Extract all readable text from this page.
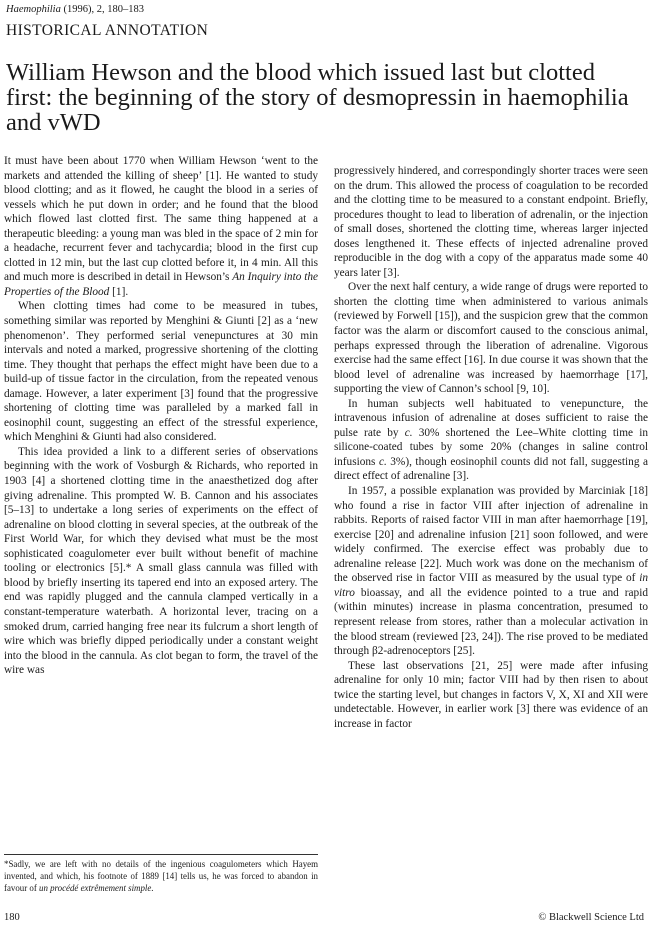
Haemophilia (1996), 2, 180–183
HISTORICAL ANNOTATION
William Hewson and the blood which issued last but clotted first: the beginning of the story of desmopressin in haemophilia and vWD

It must have been about 1770 when William Hewson ‘went to the markets and attended the killing of sheep’ [1]. He wanted to study blood clotting; and as it flowed, he caught the blood in a series of vessels which he put down in order; and he found that the blood which flowed last clotted first. The same thing happened at a therapeutic bleeding: a young man was bled in the space of 2 min for a headache, recurrent fever and tachycardia; blood in the first cup clotted in 12 min, but the last cup clotted before it, in 4 min. All this and much more is described in detail in Hewson’s An Inquiry into the Properties of the Blood [1].

When clotting times had come to be measured in tubes, something similar was reported by Menghini & Giunti [2] as a ‘new phenomenon’. They performed serial venepunctures at 30 min intervals and noted a marked, progressive shortening of the clotting time. They thought that perhaps the effect might have been due to a build-up of tissue factor in the circulation, from the repeated venous damage. However, a later experiment [3] found that the progressive shortening of clotting time was paralleled by a marked fall in eosinophil count, suggesting an effect of the stressful experience, which Menghini & Giunti had also considered.

This idea provided a link to a different series of observations beginning with the work of Vosburgh & Richards, who reported in 1903 [4] a shortened clotting time in the anaesthetized dog after giving adrenaline. This prompted W. B. Cannon and his associates [5–13] to undertake a long series of experiments on the effect of adrenaline on blood clotting in several species, at the outbreak of the First World War, for which they devised what must be the most sophisticated coagulometer ever built without benefit of machine tooling or electronics [5].* A small glass cannula was filled with blood by briefly inserting its tapered end into an exposed artery. The end was rapidly plugged and the cannula clamped vertically in a constant-temperature waterbath. A horizontal lever, tracing on a smoked drum, carried hanging free near its fulcrum a short length of wire which was briefly dipped periodically under a constant weight into the blood in the cannula. As clot began to form, the travel of the wire was

progressively hindered, and correspondingly shorter traces were seen on the drum. This allowed the process of coagulation to be recorded and the clotting time to be measured to a constant endpoint. Briefly, procedures thought to lead to liberation of adrenalin, or the injection of small doses, shortened the clotting time, whereas larger injected doses lengthened it. These effects of injected adrenaline proved reproducible in the dog with a copy of the apparatus made some 40 years later [3].

Over the next half century, a wide range of drugs were reported to shorten the clotting time when administered to various animals (reviewed by Forwell [15]), and the suspicion grew that the common factor was the alarm or discomfort caused to the conscious animal, perhaps expressed through the liberation of adrenaline. Vigorous exercise had the same effect [16]. In due course it was shown that the blood level of adrenaline was increased by haemorrhage [17], supporting the view of Cannon’s school [9, 10].

In human subjects well habituated to venepuncture, the intravenous infusion of adrenaline at doses sufficient to raise the pulse rate by c. 30% shortened the Lee–White clotting time in silicone-coated tubes by some 20% (changes in saline control infusions c. 3%), though eosinophil counts did not fall, suggesting a direct effect of adrenaline [3].

In 1957, a possible explanation was provided by Marciniak [18] who found a rise in factor VIII after injection of adrenaline in rabbits. Reports of raised factor VIII in man after haemorrhage [19], exercise [20] and adrenaline infusion [21] soon followed, and were widely confirmed. The exercise effect was probably due to adrenaline release [22]. Much work was done on the mechanism of the observed rise in factor VIII as measured by the usual type of in vitro bioassay, and all the evidence pointed to a true and rapid (within minutes) increase in plasma concentration, presumed to represent release from stores, rather than a molecular activation in the blood stream (reviewed [23, 24]). The rise proved to be mediated through β2-adrenoceptors [25].

These last observations [21, 25] were made after infusing adrenaline for only 10 min; factor VIII had by then risen to about twice the starting level, but changes in factors V, X, XI and XII were undetectable. However, in earlier work [3] there was evidence of an increase in factor

*Sadly, we are left with no details of the ingenious coagulometers which Hayem invented, and which, his footnote of 1889 [14] tells us, he was forced to abandon in favour of un procédé extrêmement simple.
180	© Blackwell Science Ltd
